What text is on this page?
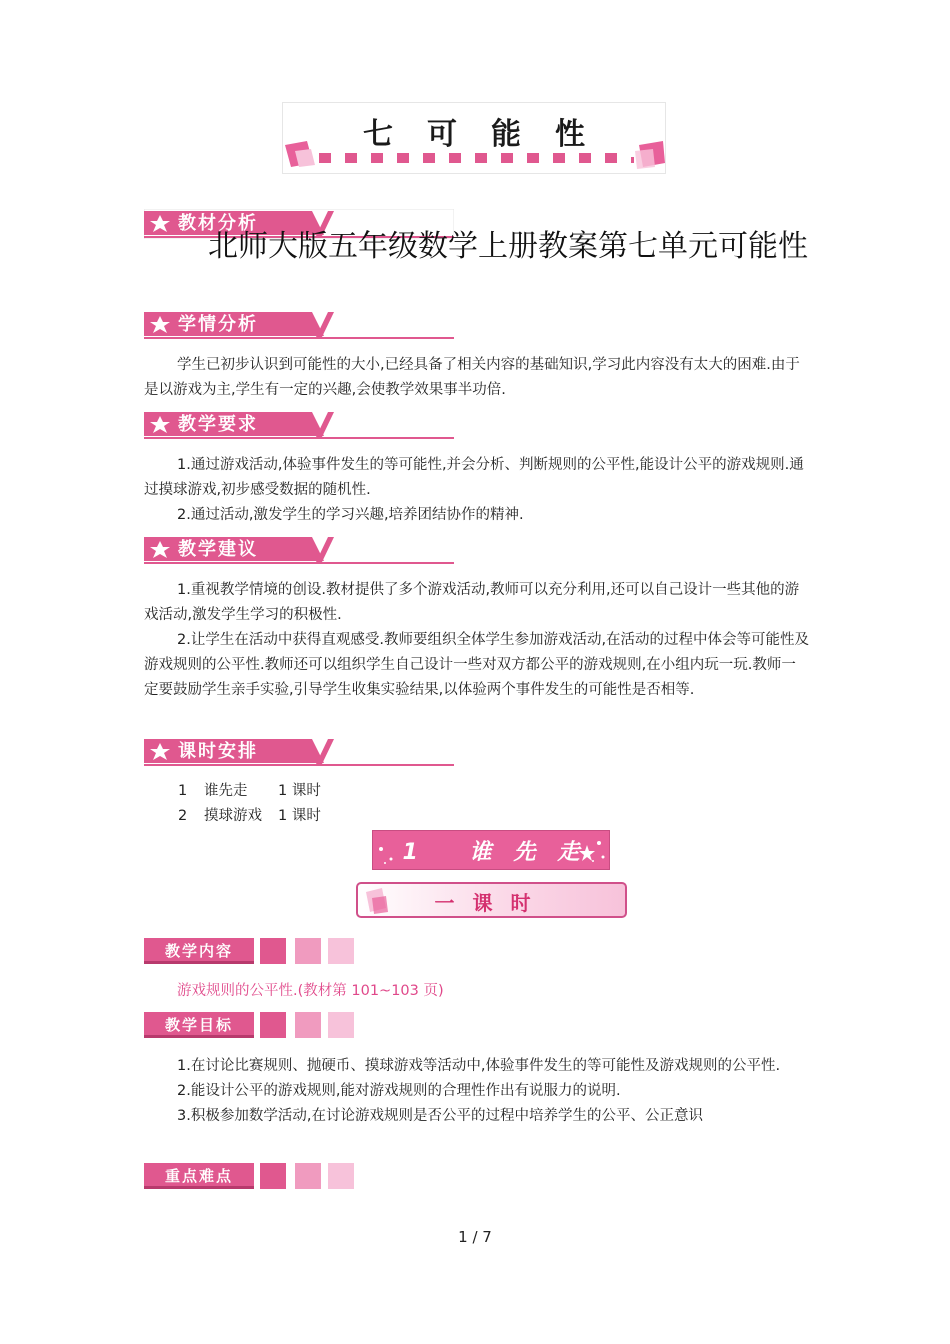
七可能性
教材分析
北师大版五年级数学上册教案第七单元可能性
学情分析

学生已初步认识到可能性的大小,已经具备了相关内容的基础知识,学习此内容没有太大的困难.由于是以游戏为主,学生有一定的兴趣,会使教学效果事半功倍.

教学要求

1.通过游戏活动,体验事件发生的等可能性,并会分析、判断规则的公平性,能设计公平的游戏规则.通过摸球游戏,初步感受数据的随机性.

2.通过活动,激发学生的学习兴趣,培养团结协作的精神.

教学建议

1.重视教学情境的创设.教材提供了多个游戏活动,教师可以充分利用,还可以自己设计一些其他的游戏活动,激发学生学习的积极性.

2.让学生在活动中获得直观感受.教师要组织全体学生参加游戏活动,在活动的过程中体会等可能性及游戏规则的公平性.教师还可以组织学生自己设计一些对双方都公平的游戏规则,在小组内玩一玩.教师一定要鼓励学生亲手实验,引导学生收集实验结果,以体验两个事件发生的可能性是否相等.

课时安排
1 谁先走 1 课时
2 摸球游戏 1 课时
1 谁先走
一课时
教学内容

游戏规则的公平性.(教材第 101~103 页)

教学目标

1.在讨论比赛规则、抛硬币、摸球游戏等活动中,体验事件发生的等可能性及游戏规则的公平性.

2.能设计公平的游戏规则,能对游戏规则的合理性作出有说服力的说明.

3.积极参加数学活动,在讨论游戏规则是否公平的过程中培养学生的公平、公正意识

重点难点
1 / 7
